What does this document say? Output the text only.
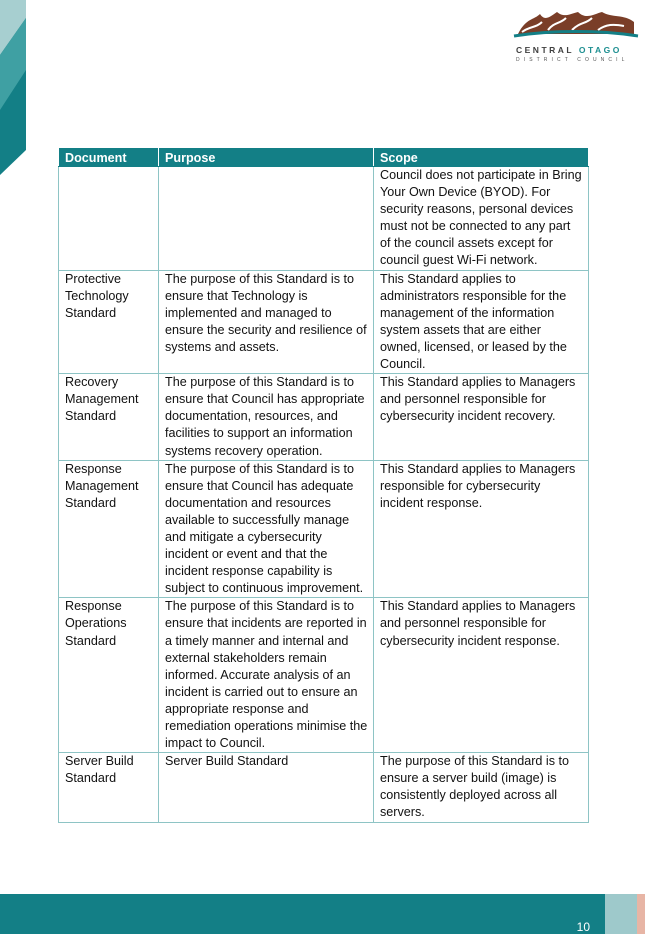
CENTRAL OTAGO
DISTRICT COUNCIL
Document	Purpose	Scope
		Council does not participate in Bring Your Own Device (BYOD). For security reasons, personal devices must not be connected to any part of the council assets except for council guest Wi-Fi network.
Protective Technology Standard	The purpose of this Standard is to ensure that Technology is implemented and managed to ensure the security and resilience of systems and assets.	This Standard applies to administrators responsible for the management of the information system assets that are either owned, licensed, or leased by the Council.
Recovery Management Standard	The purpose of this Standard is to ensure that Council has appropriate documentation, resources, and facilities to support an information systems recovery operation.	This Standard applies to Managers and personnel responsible for cybersecurity incident recovery.
Response Management Standard	The purpose of this Standard is to ensure that Council has adequate documentation and resources available to successfully manage and mitigate a cybersecurity incident or event and that the incident response capability is subject to continuous improvement.	This Standard applies to Managers responsible for cybersecurity incident response.
Response Operations Standard	The purpose of this Standard is to ensure that incidents are reported in a timely manner and internal and external stakeholders remain informed. Accurate analysis of an incident is carried out to ensure an appropriate response and remediation operations minimise the impact to Council.	This Standard applies to Managers and personnel responsible for cybersecurity incident response.
Server Build Standard	Server Build Standard	The purpose of this Standard is to ensure a server build (image) is consistently deployed across all servers.
10
